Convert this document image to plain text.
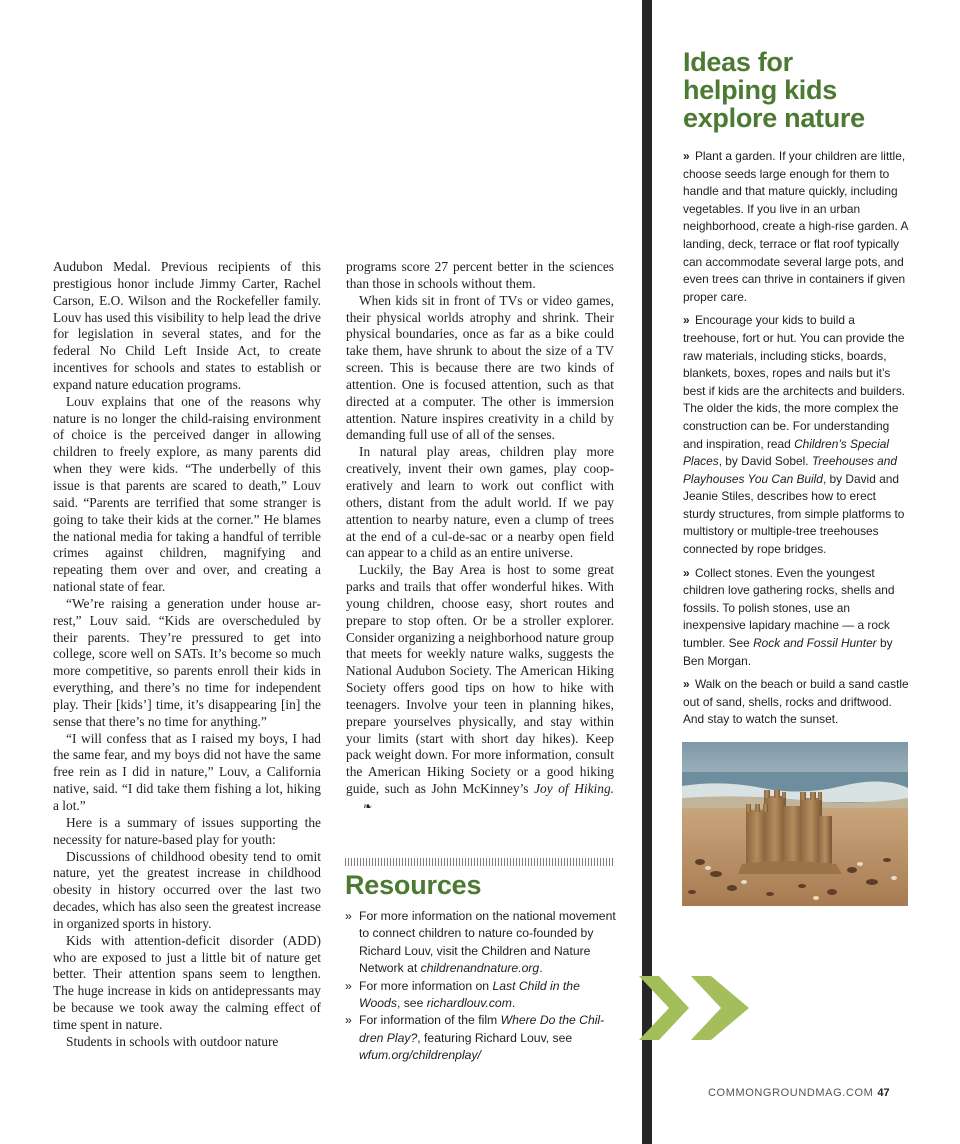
Audubon Medal. Previous recipients of this prestigious honor include Jimmy Carter, Rachel Carson, E.O. Wilson and the Rockefeller family. Louv has used this visibility to help lead the drive for legislation in several states, and for the federal No Child Left Inside Act, to create incentives for schools and states to establish or expand nature education programs.

Louv explains that one of the reasons why nature is no longer the child-raising environment of choice is the perceived danger in allowing children to freely explore, as many parents did when they were kids. “The underbelly of this issue is that parents are scared to death,” Louv said. “Parents are terrified that some stranger is going to take their kids at the corner.” He blames the national media for taking a handful of terrible crimes against children, magnifying and repeating them over and over, and creating a national state of fear.

“We’re raising a generation under house arrest,” Louv said. “Kids are overscheduled by their parents. They’re pressured to get into college, score well on SATs. It’s become so much more competitive, so parents enroll their kids in everything, and there’s no time for independent play. Their [kids’] time, it’s disappearing [in] the sense that there’s no time for anything.”

“I will confess that as I raised my boys, I had the same fear, and my boys did not have the same free rein as I did in nature,” Louv, a California native, said. “I did take them fishing a lot, hiking a lot.”

Here is a summary of issues supporting the necessity for nature-based play for youth:

Discussions of childhood obesity tend to omit nature, yet the greatest increase in childhood obesity in history occurred over the last two decades, which has also seen the greatest increase in organized sports in history.

Kids with attention-deficit disorder (ADD) who are exposed to just a little bit of nature get better. Their attention spans seem to lengthen. The huge increase in kids on antidepressants may be because we took away the calming effect of time spent in nature.

Students in schools with outdoor nature

programs score 27 percent better in the sciences than those in schools without them.

When kids sit in front of TVs or video games, their physical worlds atrophy and shrink. Their physical boundaries, once as far as a bike could take them, have shrunk to about the size of a TV screen. This is because there are two kinds of attention. One is focused attention, such as that directed at a computer. The other is immersion attention. Nature inspires creativity in a child by demanding full use of all of the senses.

In natural play areas, children play more creatively, invent their own games, play cooperatively and learn to work out conflict with others, distant from the adult world. If we pay attention to nearby nature, even a clump of trees at the end of a cul-de-sac or a nearby open field can appear to a child as an entire universe.

Luckily, the Bay Area is host to some great parks and trails that offer wonderful hikes. With young children, choose easy, short routes and prepare to stop often. Or be a stroller explorer. Consider organizing a neighborhood nature group that meets for weekly nature walks, suggests the National Audubon Society. The American Hiking Society offers good tips on how to hike with teenagers. Involve your teen in planning hikes, prepare yourselves physically, and stay within your limits (start with short day hikes). Keep pack weight down. For more information, consult the American Hiking Society or a good hiking guide, such as John McKinney’s Joy of Hiking.❧

Resources
» For more information on the national movement to connect children to nature co-founded by Richard Louv, visit the Children and Nature Network at childrenandnature.org.
» For more information on Last Child in the Woods, see richardlouv.com.
» For information of the film Where Do the Children Play?, featuring Richard Louv, see wfum.org/childrenplay/
Ideas for
helping kids
explore nature

» Plant a garden. If your children are little, choose seeds large enough for them to handle and that mature quickly, including vegetables. If you live in an urban neighborhood, create a high-rise garden. A landing, deck, terrace or flat roof typically can accommodate several large pots, and even trees can thrive in containers if given proper care.

» Encourage your kids to build a treehouse, fort or hut. You can provide the raw materials, including sticks, boards, blankets, boxes, ropes and nails but it’s best if kids are the architects and builders. The older the kids, the more complex the construction can be. For understanding and inspiration, read Children’s Special Places, by David Sobel. Treehouses and Playhouses You Can Build, by David and Jeanie Stiles, describes how to erect sturdy structures, from simple platforms to multistory or multiple-tree treehouses connected by rope bridges.

» Collect stones. Even the youngest children love gathering rocks, shells and fossils. To polish stones, use an inexpensive lapidary machine — a rock tumbler. See Rock and Fossil Hunter by Ben Morgan.

» Walk on the beach or build a sand castle out of sand, shells, rocks and driftwood. And stay to watch the sunset.

COMMONGROUNDMAG.COM 47
